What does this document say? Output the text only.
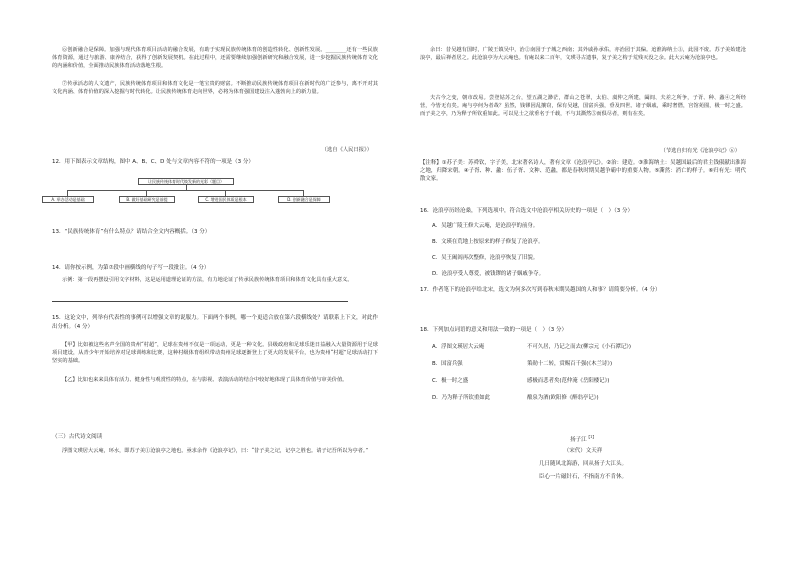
⑥创新融合是保障。加强与现代体育项目活动的融合发展，有助于实现民族传统体育的创造性转化、创新性发展。________还有一些民族体育资源，通过与旅游、康养结合，获得了创新发展契机。在此过程中，还需要继续加强创新研究和融合发展，进一步挖掘民族传统体育文化的内涵和价值，全面推动民族体育活动落地生根。
⑦传承活态的人文遗产，民族传统体育项目和体育文化是一笔宝贵的财富。不断推动民族传统体育项目在新时代的广泛参与，离不开对其文化内涵、体育价值的深入挖掘与时代转化。让民族传统体育走向世界，必将为体育强国建设注入蓬勃向上的新力量。
（选自《人民日报》）
12．用下图表示文章结构，图中 A、B、C、D 处与文章内容不符的一项是（3 分）
13．“民族传统体育”有什么特点？请结合全文内容概括。（3 分）
14．请你按示例，为第⑦段中画横线的句子写一段批注。（4 分）
示例：第一段再摆设引用文字材料，这是运用道理论证的方法，有力地论证了传承民族传统体育项目和体育文化具有重大意义。
15．这论文中，列举有代表性的事例可以增强文章的说服力。下面两个事例，哪一个更适合放在第六段横线处？请联系上下文，对此作出分析。（4 分）
【甲】比如被这些名声全国的贵州“村超”，足球在贵州不仅是一项运动，更是一种文化。县级政府和足球乐迷日益融入大量资源用于足球项目建设，从青少年开始培养对足球训练和比赛，这种村级体育组织带动贵州足球逐渐登上了更大的发展平台，也为贵州“村超”足球活动打下坚实的基础。
【乙】比如也来来具体有活力、健身性与观赏性的特点，在与影视、表演活动的结合中较好地体现了具体育价值与审美价值。
（三）古代诗文阅读
浮图文瑛居大云庵，环水，即苏子美①沧浪亭之地也。亟求余作《沧浪亭记》，曰：“昔子美之记，记亭之胜也。请子记吾所以为亭者。”
让民族传统体育时代焕发新的光彩（题目）
A. 举办活动是基础	B. 做好基础研究是前提	C. 增进国民体质是根本	D. 创新融合是保障
余曰：昔吴越有国时，广陵王镇吴中，治②南园于子城之西南；其外戚孙承佑，亦治园于其偏。迨淮海纳土③，此园不废。苏子美始建沧浪亭，最后禅者居之。此沧浪亭为大云庵也。有庵以来二百年，文瑛寻古遗事，复子美之构于荒残灭没之余。此大云庵为沧浪亭也。
夫古今之变，朝市改易。尝登姑苏之台，望五湖之渺茫，群山之苍翠，太伯、虞仲之所建，阖闾、夫差之所争，子胥、种、蠡④之所经营，今皆无有矣。庵与亭何为者哉？虽然，钱镠因乱攘窃，保有吴越，国富兵强，垂及四世。诸子姻戚，乘时奢僭，宫馆苑囿，极一时之盛。而子美之亭，乃为释子所钦重如此。可以见士之欲垂名于千载，不与其澌然⑤而俱尽者，则有在矣。
（节选自归有光《沧浪亭记》⑥）
【注释】①苏子美：苏舜钦，字子美，北宋著名诗人，著有文章《沧浪亭记》。②治：建造。③淮海纳土：吴越国最后的君主钱俶献出淮海之地，归降宋朝。④子胥、种、蠡：伍子胥、文种、范蠡，都是春秋时期吴越争霸中的重要人物。⑤澌然：消亡的样子。⑥归有光：明代散文家。
16．沧浪亭历经沧桑，下列选项中，符合选文中沧浪亭相关历史的一项是（　）（3 分）
A．吴越广陵王修大云庵，是沧浪亭的前身。
B．文瑛在荒地上按原来的样子修复了沧浪亭。
C．吴王阖闾再次整修，沧浪亭恢复了旧貌。
D．沧浪亭受人尊爱，被钱镠的诸子姻戚争夺。
17．作者笔下的沧浪亭给北宋，选文为何多次写到春秋末期吴越国的人和事？请简要分析。（4 分）
18．下列加点词语的意义和用法一致的一项是（　）（3 分）
A．浮图文瑛居大云庵	不可久居，乃记之而去(柳宗元《小石潭记》)
B．国富兵强	策勋十二转，赏赐百千强(《木兰诗》)
C．极一时之盛	感极而悲者矣(范仲淹《岳阳楼记》)
D．乃为释子所钦重如此	酿泉为酒(欧阳修《醉翁亭记》)
扬子江$^{【1】}$
（宋代）文天祥
几日随风北海游，回从扬子大江头。
臣心一片磁针石，不指南方不肯休。
